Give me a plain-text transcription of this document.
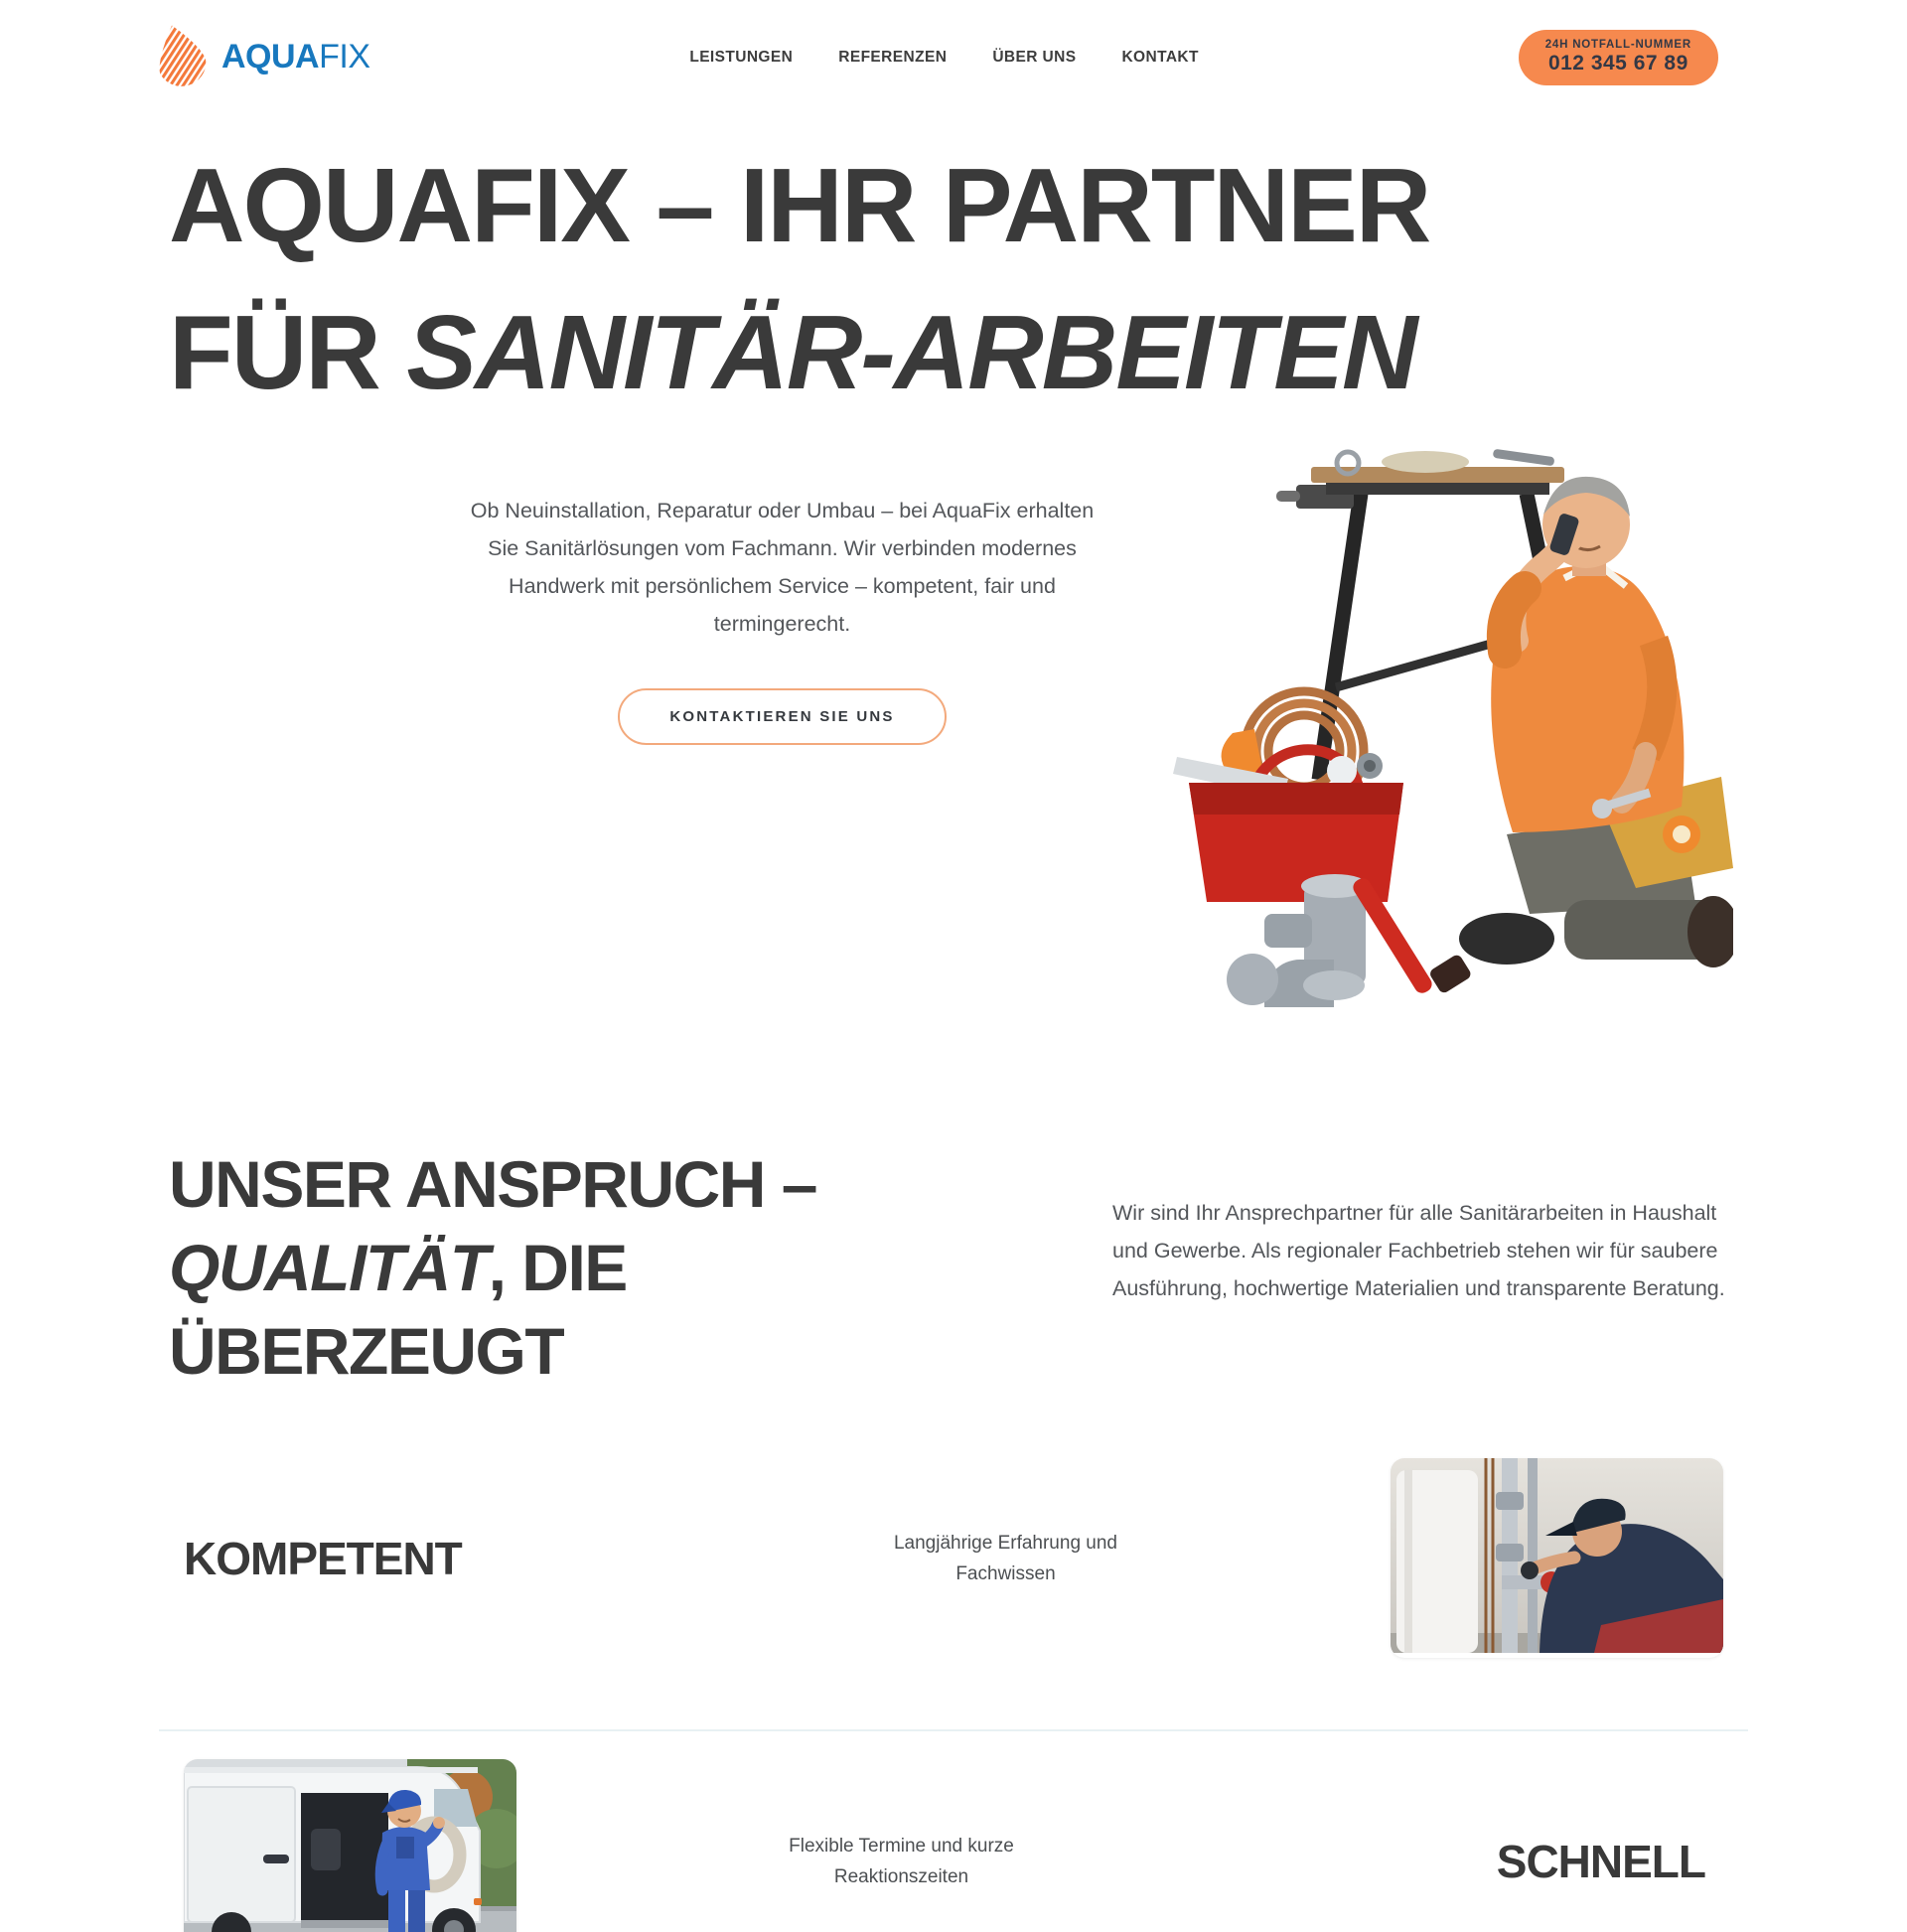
AQUAFIX	LEISTUNGEN	REFERENZEN	ÜBER UNS	KONTAKT
24H NOTFALL-NUMMER
012 345 67 89
AQUAFIX – IHR PARTNER
FÜR SANITÄR-ARBEITEN

Ob Neuinstallation, Reparatur oder Umbau – bei AquaFix erhalten Sie Sanitärlösungen vom Fachmann. Wir verbinden modernes Handwerk mit persönlichem Service – kompetent, fair und termingerecht.

KONTAKTIEREN SIE UNS
UNSER ANSPRUCH –
QUALITÄT, DIE
ÜBERZEUGT

Wir sind Ihr Ansprechpartner für alle Sanitärarbeiten in Haushalt und Gewerbe. Als regionaler Fachbetrieb stehen wir für saubere Ausführung, hochwertige Materialien und transparente Beratung.

KOMPETENT	Langjährige Erfahrung und Fachwissen

Flexible Termine und kurze Reaktionszeiten	SCHNELL
